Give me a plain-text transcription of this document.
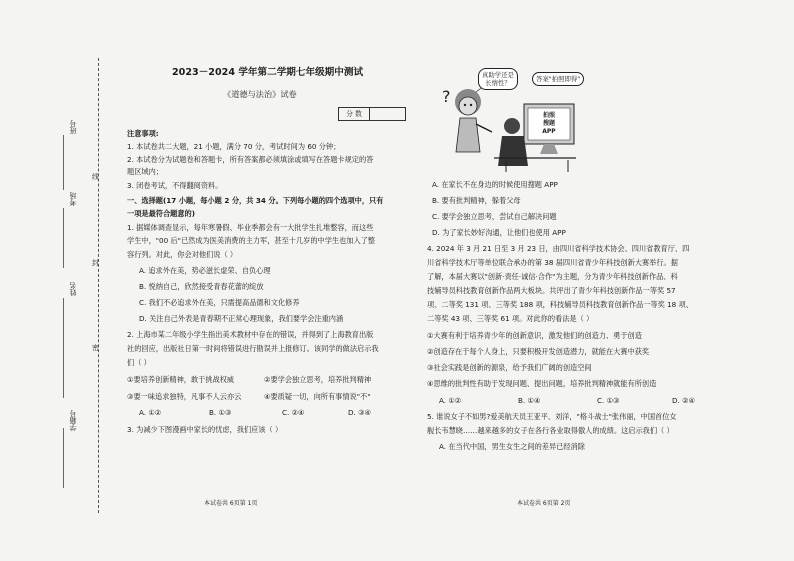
班号
考场
姓名
学籍号
线
封
密
2023－2024 学年第二学期七年级期中测试
《道德与法治》试卷
分 数
注意事项:
1. 本试卷共二大题，21 小题，满分 70 分，考试时间为 60 分钟；
2. 本试卷分为试题卷和答题卡，所有答案都必须填涂或填写在答题卡规定的答
题区域内；
3. 闭卷考试，不得翻阅资料。
一、选择题(17 小题，每小题 2 分，共 34 分。下列每小题的四个选项中，只有
一项是最符合题意的)
1. 据媒体调查显示，每年寒暑假、毕业季都会有一大批学生扎堆整容，而这些
学生中，"00 后"已然成为医美消费的主力军，甚至十几岁的中学生也加入了整
容行列。对此，你会对他们说（ ）
A. 追求外在美，势必滋长虚荣、自负心理
B. 悦纳自己，欣然接受青春花蕾的绽放
C. 我们不必追求外在美，只需提高品德和文化修养
D. 关注自己外表是青春期不正常心理现象，我们要学会注重内涵
2. 上海市某二年级小学生指出美术教材中存在的错误，并得到了上海教育出版
社的回应，出版社日第一时间将错误进行勘误并上报修订。该同学的做法启示我
们（ ）
①要培养创新精神，敢于挑战权威	②要学会独立思考，培养批判精神
③要一味追求独特，凡事不人云亦云	④要质疑一切，向所有事情说"不"
A. ①②	B. ①③	C. ②④	D. ③④
3. 为减少下图漫画中家长的忧虑，我们应该（ ）
本试卷共 6页第 1页
?
真助学还是
长惰性？	答案"拍照即得"
拍照
搜题
APP
A. 在家长不在身边的时候使用搜题 APP
B. 要有批判精神，躲着父母
C. 要学会独立思考，尝试自己解决问题
D. 为了家长妙好沟通，让他们也使用 APP
4. 2024 年 3 月 21 日至 3 月 23 日，由四川省科学技术协会、四川省教育厅、四
川省科学技术厅等单位联合承办的第 38 届四川省青少年科技创新大赛举行。据
了解，本届大赛以"创新·责任·诚信·合作"为主题，分为青少年科技创新作品、科
技辅导员科技教育创新作品两大板块。共评出了青少年科技创新作品一等奖 57
项、二等奖 131 项、三等奖 188 项，科技辅导员科技教育创新作品一等奖 18 项、
二等奖 43 项、三等奖 61 项。对此你的看法是（ ）
①大赛有利于培养青少年的创新意识，激发他们的创造力、勇于创造
②创造存在于每个人身上，只要积极开发创造潜力，就能在大赛中获奖
③社会实践是创新的源泉，给予我们广阔的创造空间
④思维的批判性有助于发现问题、提出问题，培养批判精神就能有所创造
A. ①②	B. ①④	C. ①③	D. ②④
5. 谁说女子不如男?爱美航天员王亚平、刘洋，"格斗战士"张伟丽，中国首位女
舰长韦慧晓……越来越多的女子在各行各业取得傲人的成绩。这启示我们（ ）
A. 在当代中国，男生女生之间的差异已经消除
本试卷共 6页第 2页
